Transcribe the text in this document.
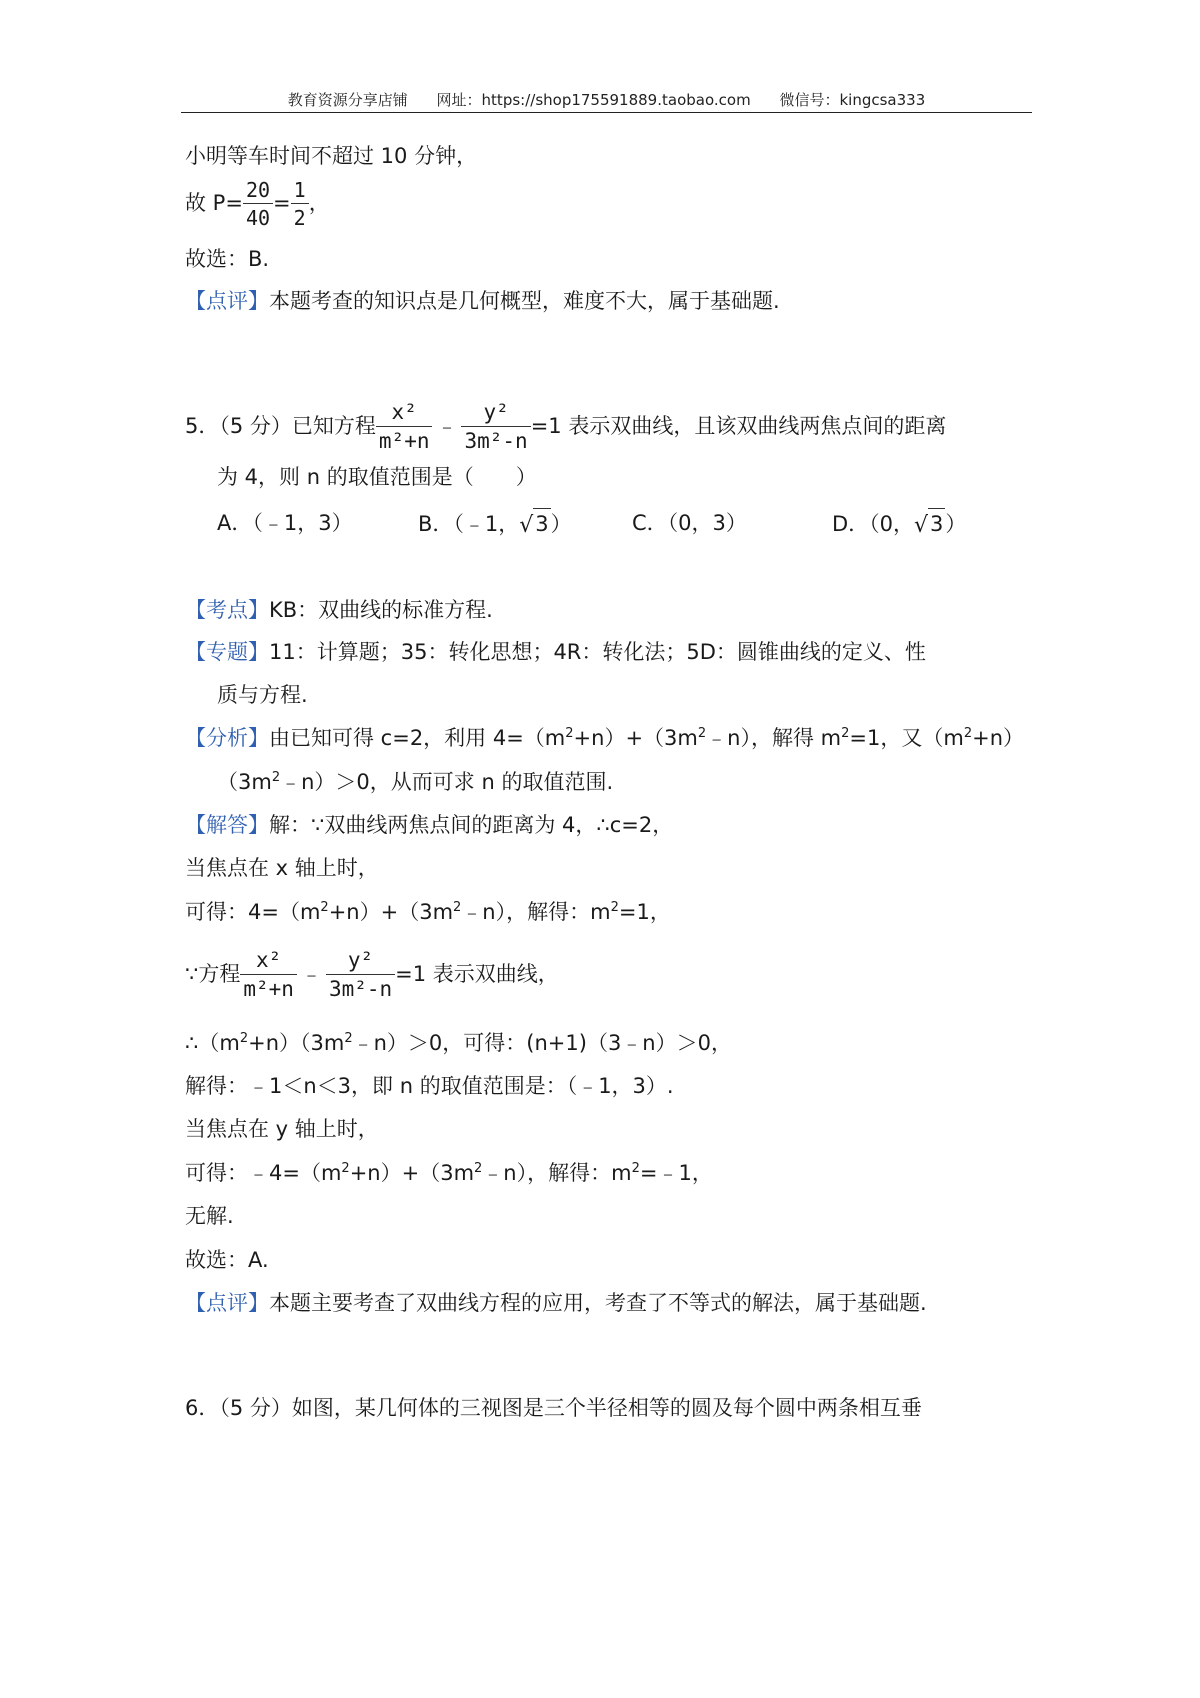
教育资源分享店铺 网址：https://shop175591889.taobao.com 微信号：kingcsa333
小明等车时间不超过 10 分钟，
故 $P= \frac{20}{40} = \frac{1}{2}$ ，
故选：B.
【点评】本题考查的知识点是几何概型，难度不大，属于基础题.
5．（5 分）已知方程 $\frac{\text{x²}}{\text{m²+n}}$ ﹣ $\frac{\text{y²}}{\text{3m²-n}} =1$ 表示双曲线，且该双曲线两焦点间的距离
为 4，则 n 的取值范围是（　　）
A．（﹣1，3）	B．（﹣1， √ 3）	C．（0，3）	D．（0， √ 3）
【考点】KB：双曲线的标准方程.
【专题】11：计算题；35：转化思想；4R：转化法；5D：圆锥曲线的定义、性
质与方程.
【分析】由已知可得 c=2，利用 $4=(m^2+n)+(3m^2﹣n)$，解得 $m^2=1$，又$(m^2+n)$
$(3m^2﹣n)>0$，从而可求 n 的取值范围.
【解答】解：∵双曲线两焦点间的距离为 4，∴c=2，
当焦点在 x 轴上时，
可得：$4=(m^2+n)+(3m^2﹣n)$，解得：$m^2=1$，
∵方程 $\frac{\text{x²}}{\text{m²+n}}$ ﹣ $\frac{\text{y²}}{\text{3m²-n}} =1$ 表示双曲线，
$\therefore(m^2+n)(3m^2﹣n)>0$，可得：(n+1)（3﹣n）＞0，
解得：﹣1＜n＜3，即 n 的取值范围是：（﹣1，3）.
当焦点在 y 轴上时，
可得：$﹣4=(m^2+n)+(3m^2﹣n)$，解得：$m^2=﹣1$，
无解.
故选：A.
【点评】本题主要考查了双曲线方程的应用，考查了不等式的解法，属于基础题.
6．（5 分）如图，某几何体的三视图是三个半径相等的圆及每个圆中两条相互垂
